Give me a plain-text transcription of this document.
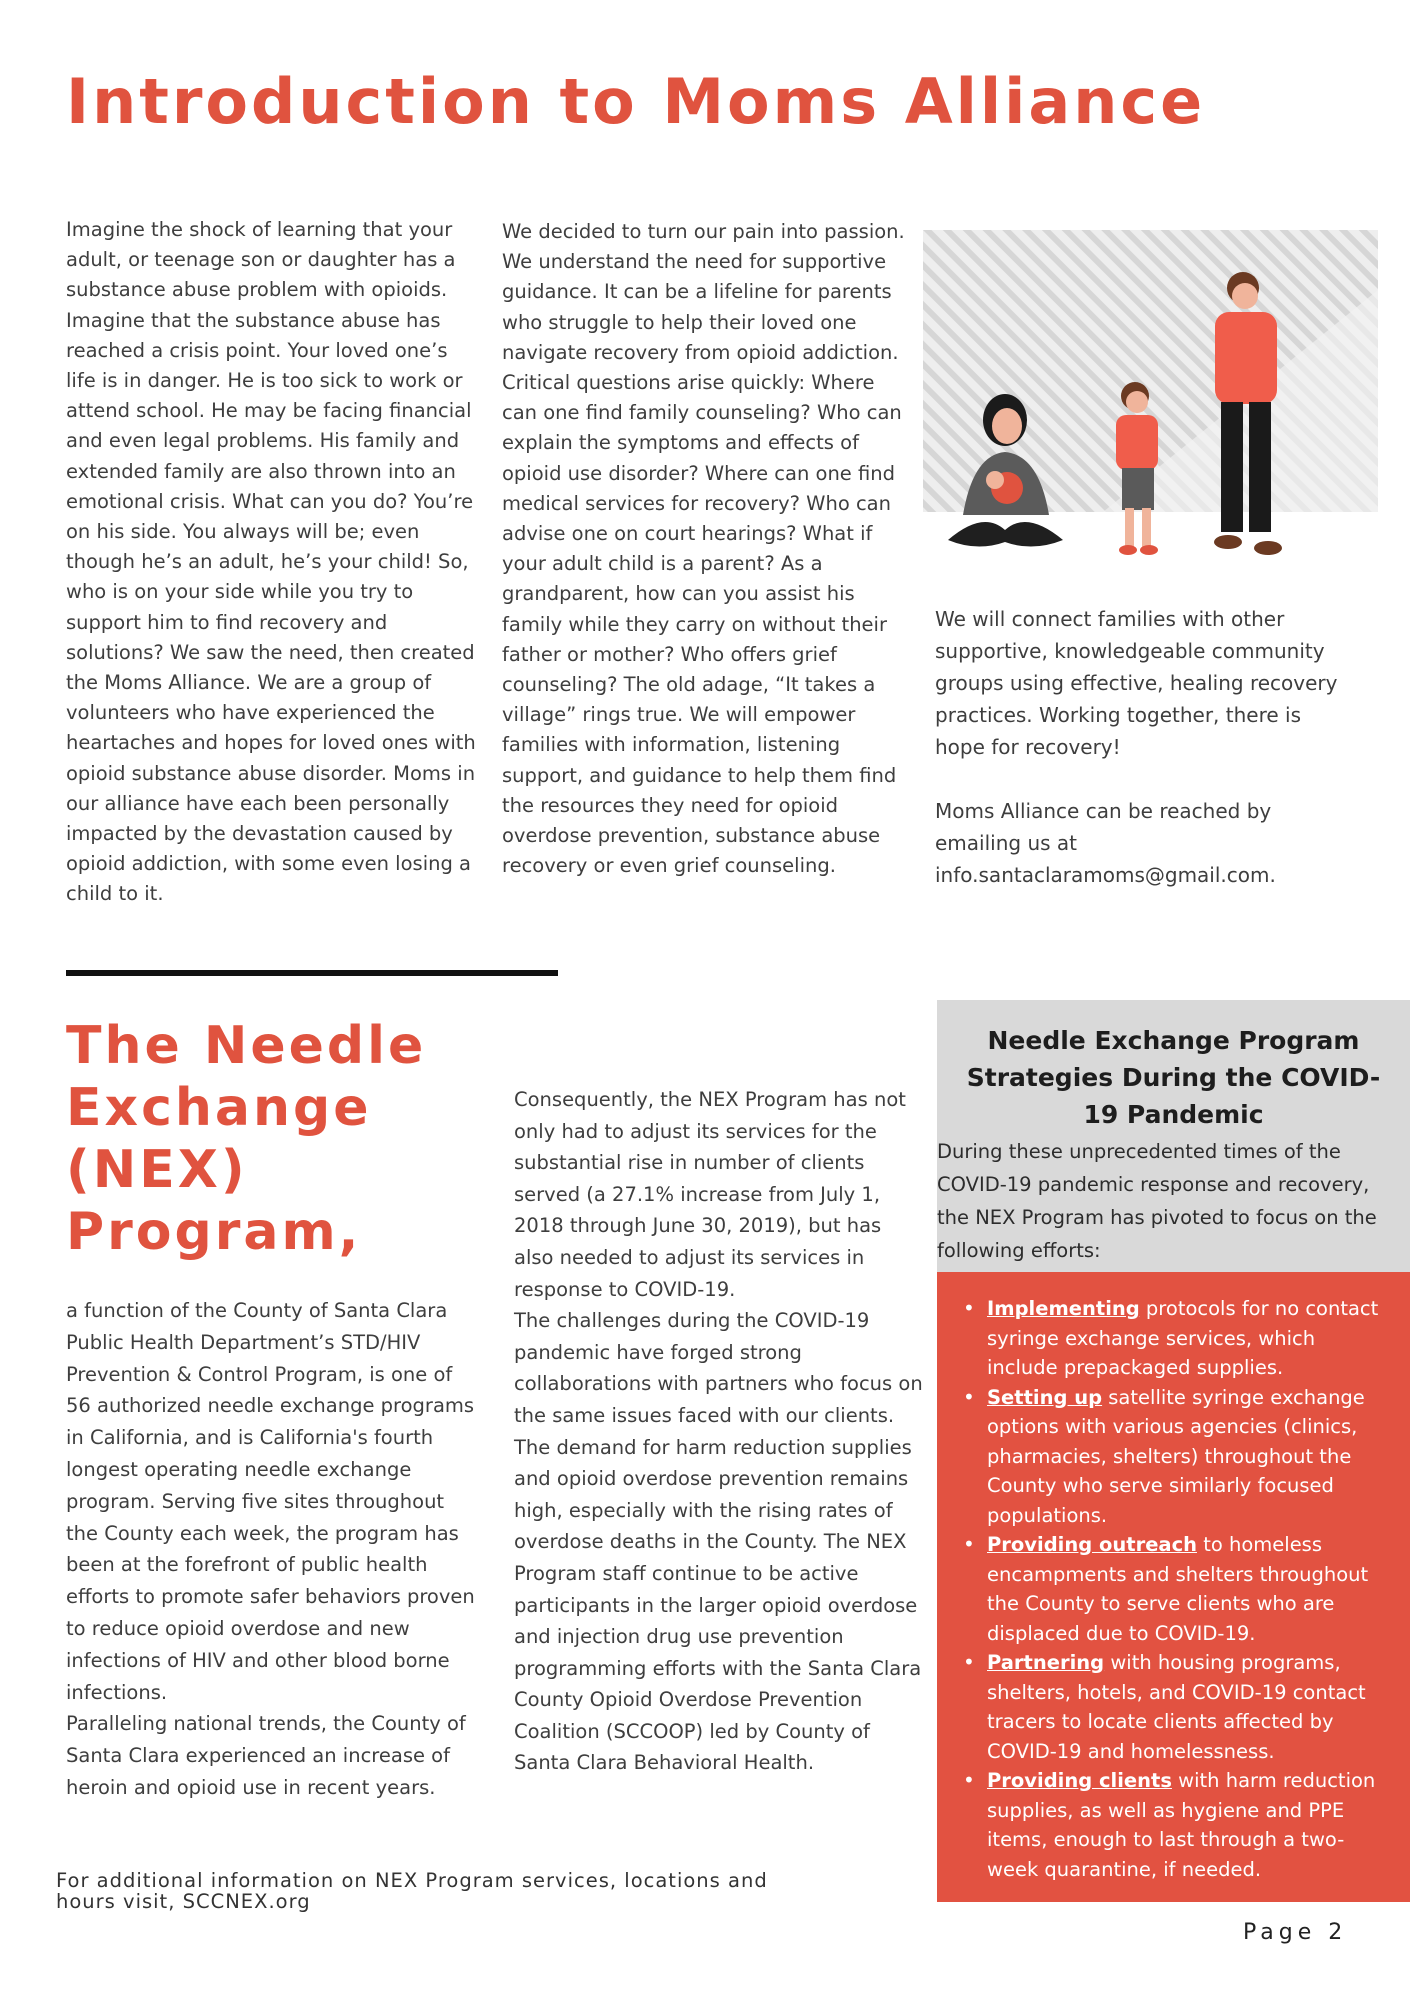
Introduction to Moms Alliance

Imagine the shock of learning that your adult, or teenage son or daughter has a substance abuse problem with opioids. Imagine that the substance abuse has reached a crisis point. Your loved one’s life is in danger. He is too sick to work or attend school. He may be facing financial and even legal problems. His family and extended family are also thrown into an emotional crisis. What can you do? You’re on his side. You always will be; even though he’s an adult, he’s your child! So, who is on your side while you try to support him to find recovery and solutions? We saw the need, then created the Moms Alliance. We are a group of volunteers who have experienced the heartaches and hopes for loved ones with opioid substance abuse disorder. Moms in our alliance have each been personally impacted by the devastation caused by opioid addiction, with some even losing a child to it.

We decided to turn our pain into passion. We understand the need for supportive guidance. It can be a lifeline for parents who struggle to help their loved one navigate recovery from opioid addiction.
Critical questions arise quickly: Where can one find family counseling? Who can explain the symptoms and effects of opioid use disorder? Where can one find medical services for recovery? Who can advise one on court hearings? What if your adult child is a parent? As a grandparent, how can you assist his family while they carry on without their father or mother? Who offers grief counseling? The old adage, “It takes a village” rings true. We will empower families with information, listening support, and guidance to help them find the resources they need for opioid overdose prevention, substance abuse recovery or even grief counseling.

We will connect families with other supportive, knowledgeable community groups using effective, healing recovery practices. Working together, there is hope for recovery!

Moms Alliance can be reached by emailing us at info.santaclaramoms@gmail.com.

The Needle Exchange (NEX) Program,

a function of the County of Santa Clara Public Health Department’s STD/HIV Prevention & Control Program, is one of 56 authorized needle exchange programs in California, and is California's fourth longest operating needle exchange program. Serving five sites throughout the County each week, the program has been at the forefront of public health efforts to promote safer behaviors proven to reduce opioid overdose and new infections of HIV and other blood borne infections.
Paralleling national trends, the County of Santa Clara experienced an increase of heroin and opioid use in recent years.

Consequently, the NEX Program has not only had to adjust its services for the substantial rise in number of clients served (a 27.1% increase from July 1, 2018 through June 30, 2019), but has also needed to adjust its services in response to COVID-19.
The challenges during the COVID-19 pandemic have forged strong collaborations with partners who focus on the same issues faced with our clients. The demand for harm reduction supplies and opioid overdose prevention remains high, especially with the rising rates of overdose deaths in the County. The NEX Program staff continue to be active participants in the larger opioid overdose and injection drug use prevention programming efforts with the Santa Clara County Opioid Overdose Prevention Coalition (SCCOOP) led by County of Santa Clara Behavioral Health.

Needle Exchange Program Strategies During the COVID-19 Pandemic

During these unprecedented times of the COVID-19 pandemic response and recovery, the NEX Program has pivoted to focus on the following efforts:

• Implementing protocols for no contact syringe exchange services, which include prepackaged supplies.
• Setting up satellite syringe exchange options with various agencies (clinics, pharmacies, shelters) throughout the County who serve similarly focused populations.
• Providing outreach to homeless encampments and shelters throughout the County to serve clients who are displaced due to COVID-19.
• Partnering with housing programs, shelters, hotels, and COVID-19 contact tracers to locate clients affected by COVID-19 and homelessness.
• Providing clients with harm reduction supplies, as well as hygiene and PPE items, enough to last through a two-week quarantine, if needed.

For additional information on NEX Program services, locations and hours visit, SCCNEX.org

Page 2
